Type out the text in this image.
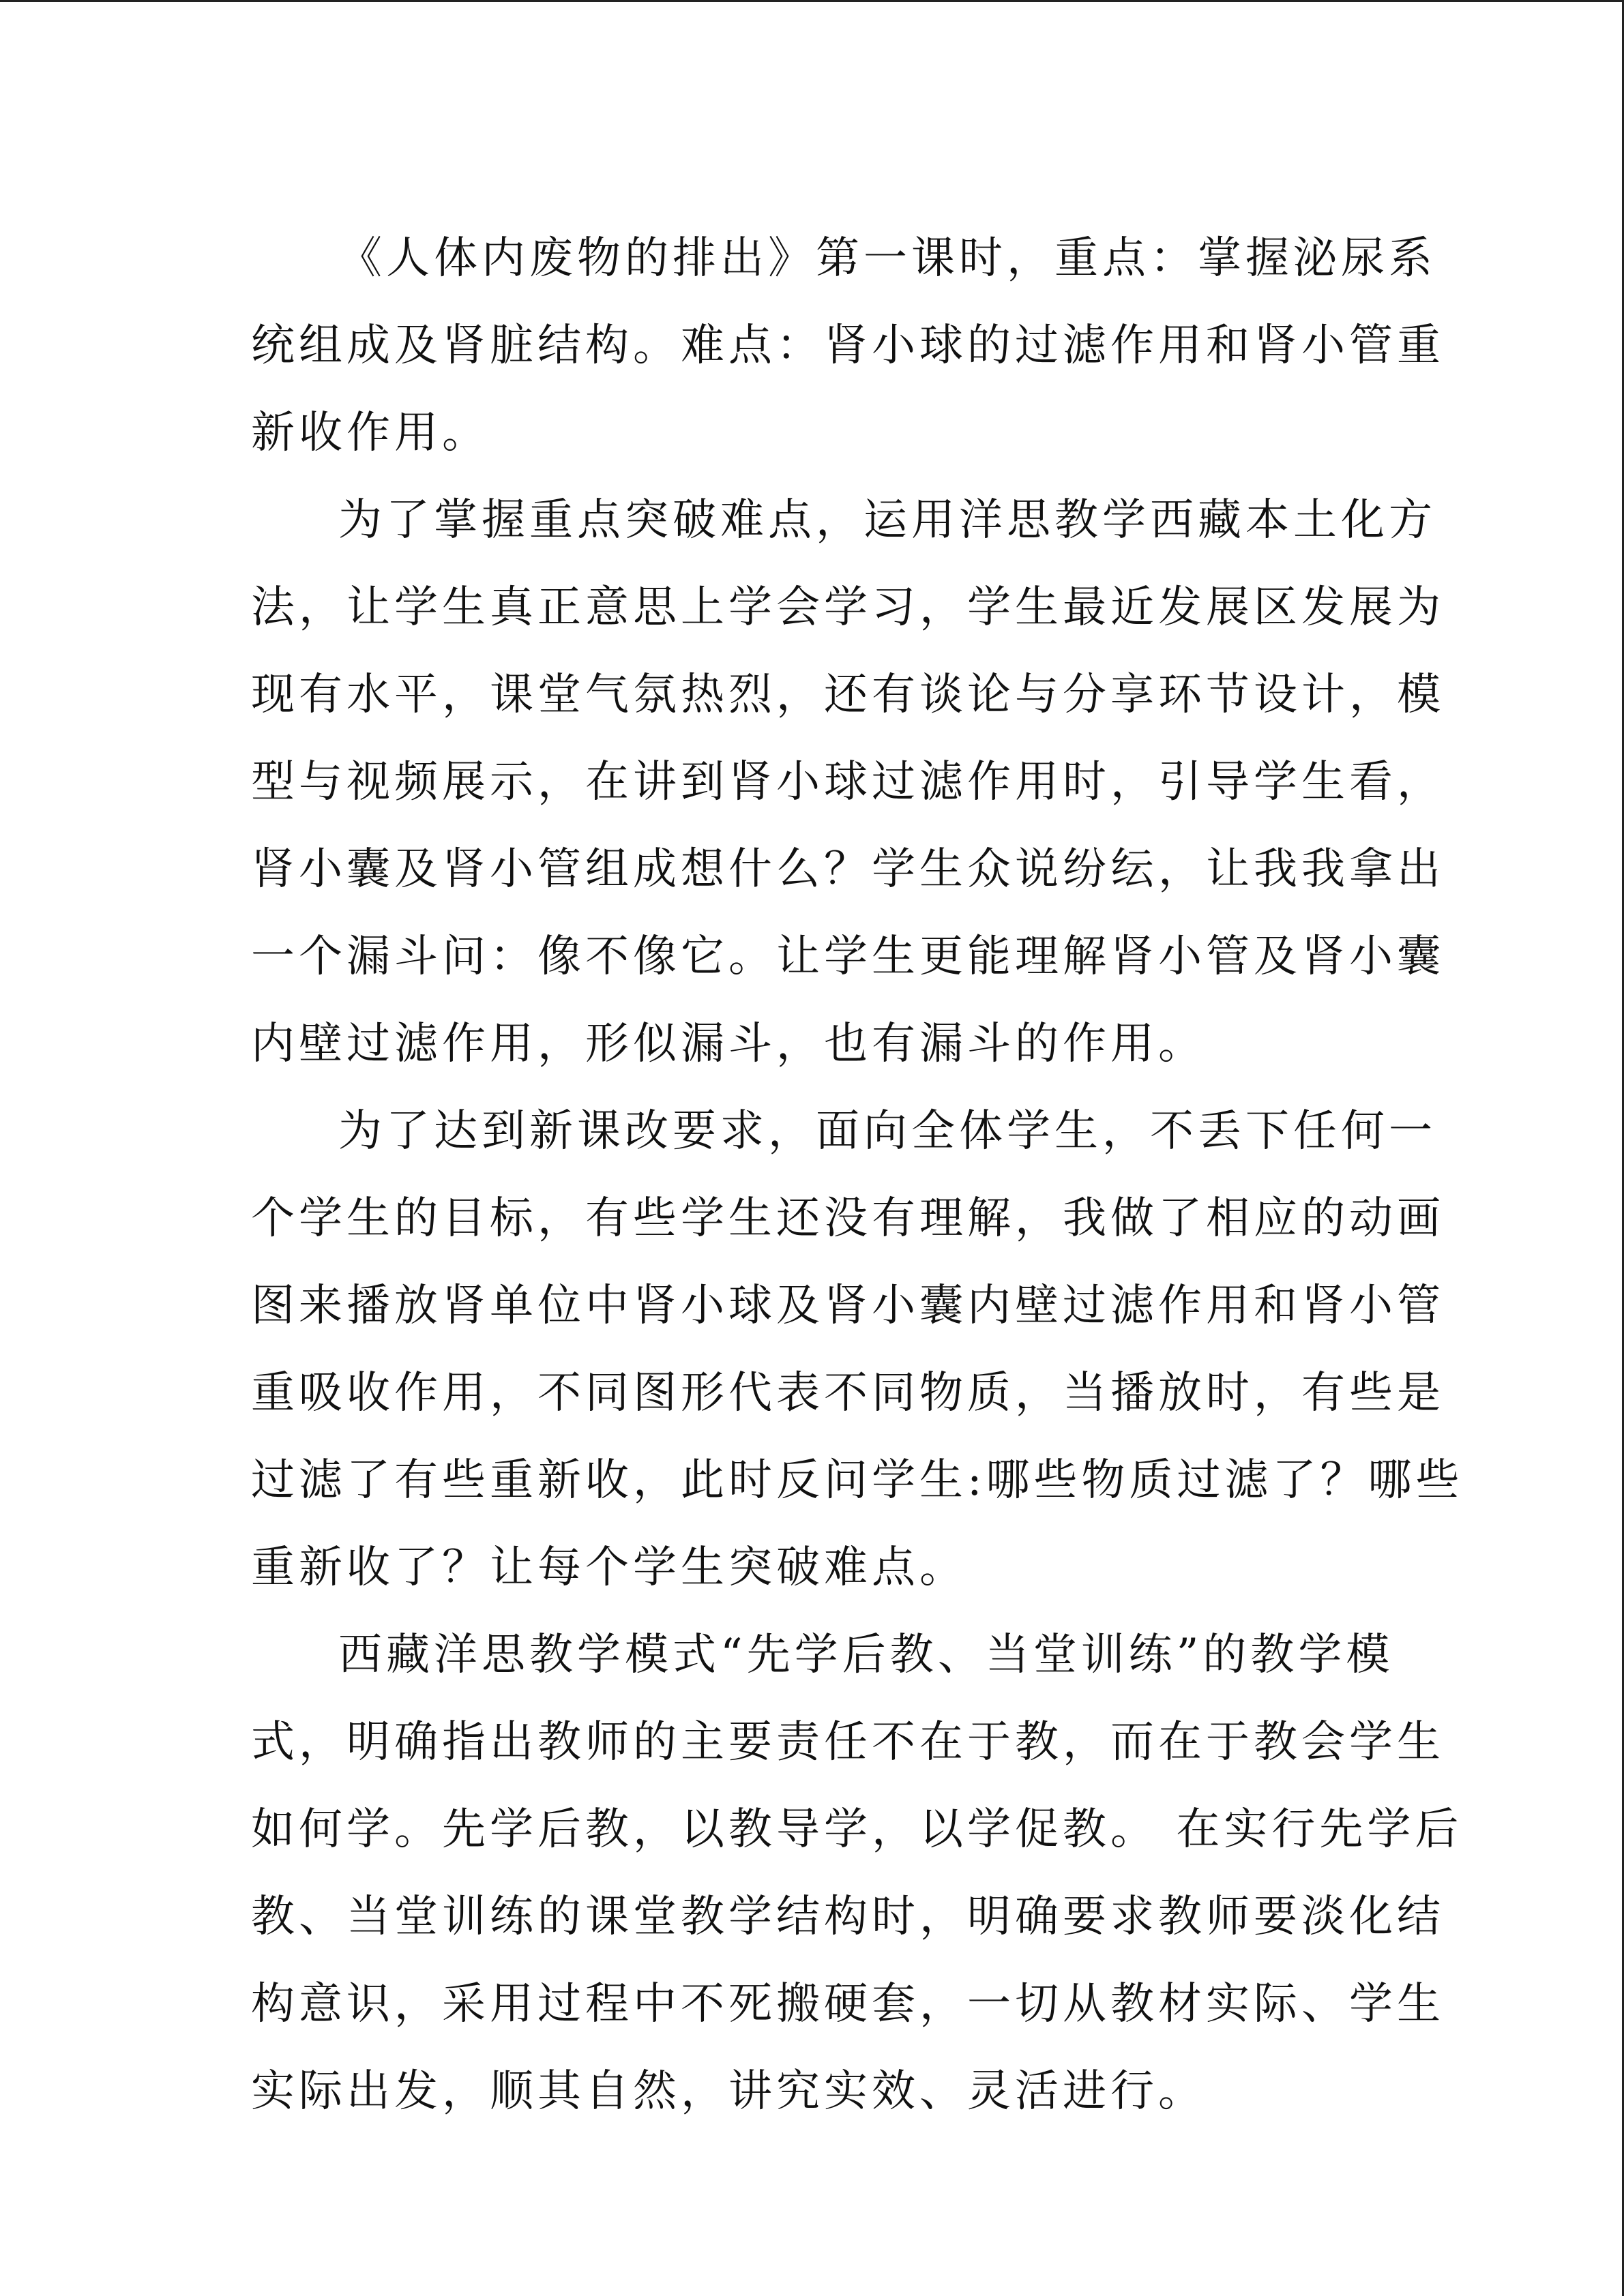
《人体内废物的排出》第一课时，重点：掌握泌尿系
统组成及肾脏结构。难点：肾小球的过滤作用和肾小管重
新收作用。
为了掌握重点突破难点，运用洋思教学西藏本土化方
法，让学生真正意思上学会学习，学生最近发展区发展为
现有水平，课堂气氛热烈，还有谈论与分享环节设计，模
型与视频展示，在讲到肾小球过滤作用时，引导学生看，
肾小囊及肾小管组成想什么？学生众说纷纭，让我我拿出
一个漏斗问：像不像它。让学生更能理解肾小管及肾小囊
内壁过滤作用，形似漏斗，也有漏斗的作用。
为了达到新课改要求，面向全体学生，不丢下任何一
个学生的目标，有些学生还没有理解，我做了相应的动画
图来播放肾单位中肾小球及肾小囊内壁过滤作用和肾小管
重吸收作用，不同图形代表不同物质，当播放时，有些是
过滤了有些重新收，此时反问学生:哪些物质过滤了？哪些
重新收了？让每个学生突破难点。
西藏洋思教学模式“先学后教、当堂训练”的教学模
式，明确指出教师的主要责任不在于教，而在于教会学生
如何学。先学后教，以教导学，以学促教。 在实行先学后
教、当堂训练的课堂教学结构时，明确要求教师要淡化结
构意识，采用过程中不死搬硬套，一切从教材实际、学生
实际出发，顺其自然，讲究实效、灵活进行。
